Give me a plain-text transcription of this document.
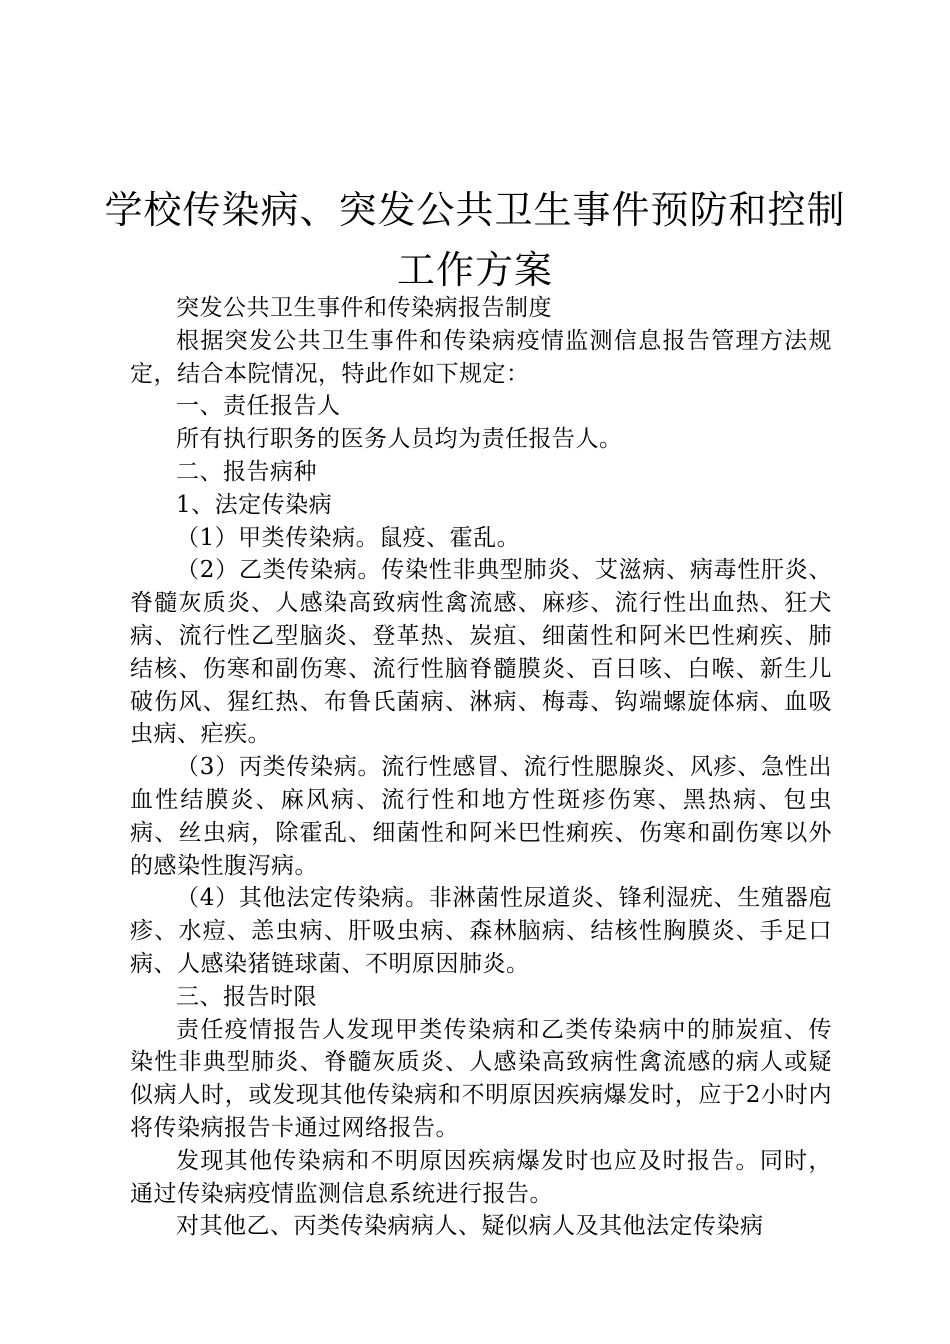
学校传染病、突发公共卫生事件预防和控制工作方案

突发公共卫生事件和传染病报告制度

根据突发公共卫生事件和传染病疫情监测信息报告管理方法规定，结合本院情况，特此作如下规定：

一、责任报告人

所有执行职务的医务人员均为责任报告人。

二、报告病种

1、法定传染病

（1）甲类传染病。鼠疫、霍乱。

（2）乙类传染病。传染性非典型肺炎、艾滋病、病毒性肝炎、脊髓灰质炎、人感染高致病性禽流感、麻疹、流行性出血热、狂犬病、流行性乙型脑炎、登革热、炭疽、细菌性和阿米巴性痢疾、肺结核、伤寒和副伤寒、流行性脑脊髓膜炎、百日咳、白喉、新生儿破伤风、猩红热、布鲁氏菌病、淋病、梅毒、钩端螺旋体病、血吸虫病、疟疾。

（3）丙类传染病。流行性感冒、流行性腮腺炎、风疹、急性出血性结膜炎、麻风病、流行性和地方性斑疹伤寒、黑热病、包虫病、丝虫病，除霍乱、细菌性和阿米巴性痢疾、伤寒和副伤寒以外的感染性腹泻病。

（4）其他法定传染病。非淋菌性尿道炎、锋利湿疣、生殖器庖疹、水痘、恙虫病、肝吸虫病、森林脑病、结核性胸膜炎、手足口病、人感染猪链球菌、不明原因肺炎。

三、报告时限

责任疫情报告人发现甲类传染病和乙类传染病中的肺炭疽、传染性非典型肺炎、脊髓灰质炎、人感染高致病性禽流感的病人或疑似病人时，或发现其他传染病和不明原因疾病爆发时，应于2小时内将传染病报告卡通过网络报告。

发现其他传染病和不明原因疾病爆发时也应及时报告。同时，通过传染病疫情监测信息系统进行报告。

对其他乙、丙类传染病病人、疑似病人及其他法定传染病
